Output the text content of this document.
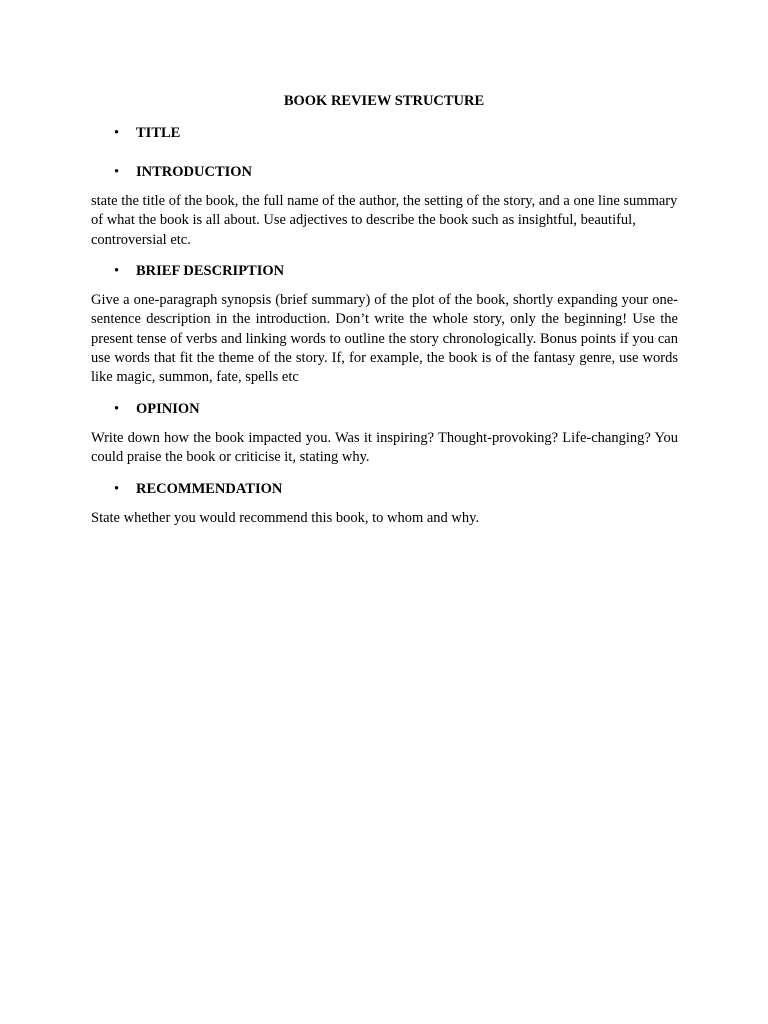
BOOK REVIEW STRUCTURE
• TITLE
• INTRODUCTION

state the title of the book, the full name of the author, the setting of the story, and a one line summary of what the book is all about. Use adjectives to describe the book such as insightful, beautiful, controversial etc.

• BRIEF DESCRIPTION

Give a one-paragraph synopsis (brief summary) of the plot of the book, shortly expanding your one-sentence description in the introduction. Don’t write the whole story, only the beginning! Use the present tense of verbs and linking words to outline the story chronologically. Bonus points if you can use words that fit the theme of the story. If, for example, the book is of the fantasy genre, use words like magic, summon, fate, spells etc

• OPINION

Write down how the book impacted you. Was it inspiring? Thought-provoking? Life-changing? You could praise the book or criticise it, stating why.

• RECOMMENDATION

State whether you would recommend this book, to whom and why.
